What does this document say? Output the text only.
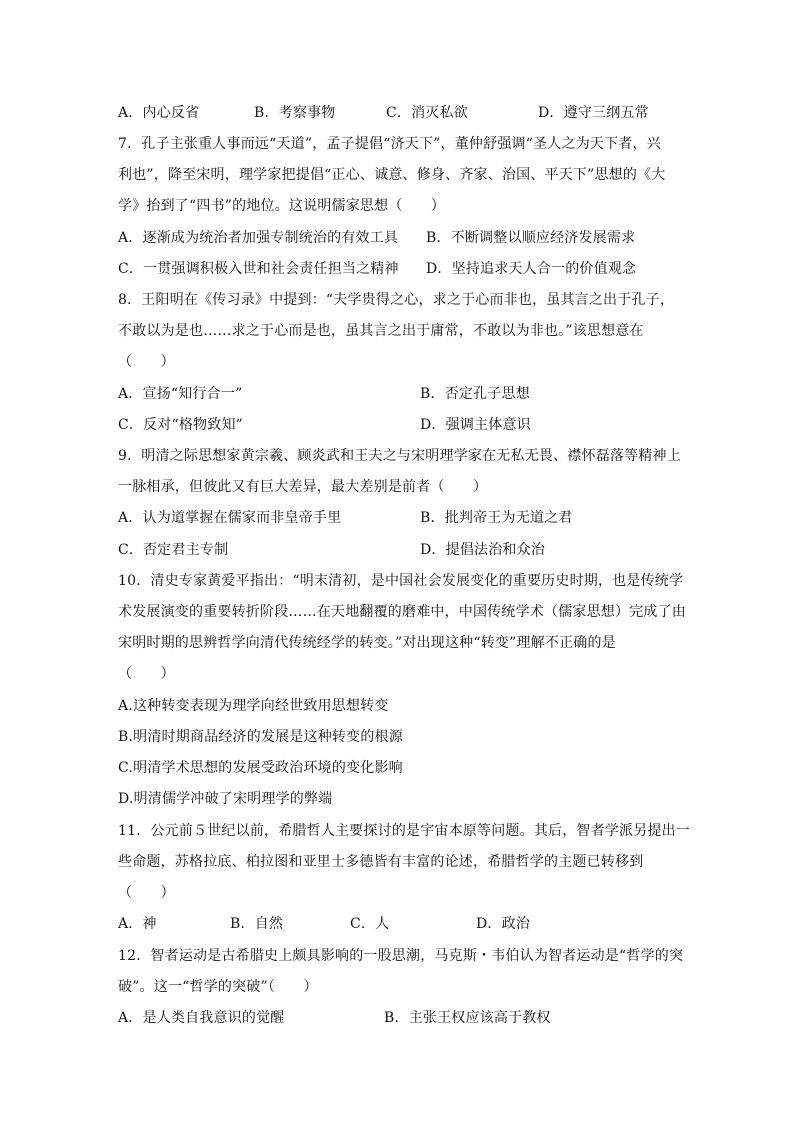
A．内心反省	B．考察事物	C．消灭私欲	D．遵守三纲五常
7．孔子主张重人事而远“天道”，孟子提倡“济天下”，董仲舒强调“圣人之为天下者，兴
利也”，降至宋明，理学家把提倡“正心、诚意、修身、齐家、治国、平天下”思想的《大
学》抬到了“四书”的地位。这说明儒家思想（　　）
A．逐渐成为统治者加强专制统治的有效工具 B．不断调整以顺应经济发展需求
C．一贯强调积极入世和社会责任担当之精神 D．坚持追求天人合一的价值观念
8．王阳明在《传习录》中提到：“夫学贵得之心，求之于心而非也，虽其言之出于孔子，
不敢以为是也……求之于心而是也，虽其言之出于庸常，不敢以为非也。”该思想意在
（　　）
A．宣扬“知行合一”	B．否定孔子思想
C．反对“格物致知”	D．强调主体意识
9．明清之际思想家黄宗羲、顾炎武和王夫之与宋明理学家在无私无畏、襟怀磊落等精神上
一脉相承，但彼此又有巨大差异，最大差别是前者（　　）
A．认为道掌握在儒家而非皇帝手里	B．批判帝王为无道之君
C．否定君主专制	D．提倡法治和众治
10．清史专家黄爱平指出：“明末清初，是中国社会发展变化的重要历史时期，也是传统学
术发展演变的重要转折阶段……在天地翻覆的磨难中，中国传统学术（儒家思想）完成了由
宋明时期的思辨哲学向清代传统经学的转变。”对出现这种“转变”理解不正确的是
（　　）
A.这种转变表现为理学向经世致用思想转变
B.明清时期商品经济的发展是这种转变的根源
C.明清学术思想的发展受政治环境的变化影响
D.明清儒学冲破了宋明理学的弊端
11．公元前５世纪以前，希腊哲人主要探讨的是宇宙本原等问题。其后，智者学派另提出一
些命题，苏格拉底、柏拉图和亚里士多德皆有丰富的论述，希腊哲学的主题已转移到
（　　）
A．神	B．自然	C．人	D．政治
12．智者运动是古希腊史上颇具影响的一股思潮，马克斯・韦伯认为智者运动是“哲学的突
破”。这一“哲学的突破”（　　）
A．是人类自我意识的觉醒	B．主张王权应该高于教权
